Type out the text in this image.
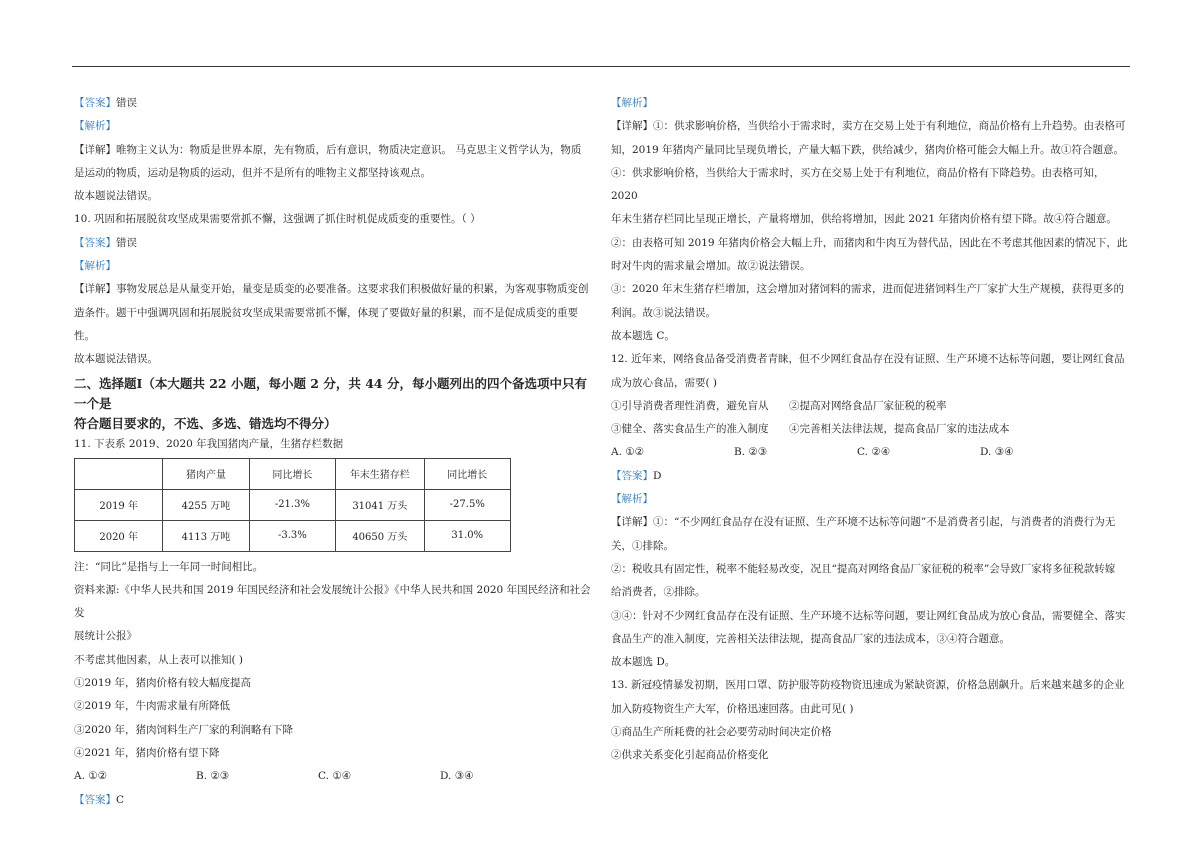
【答案】错误

【解析】

【详解】唯物主义认为：物质是世界本原，先有物质，后有意识，物质决定意识。 马克思主义哲学认为，物质

是运动的物质，运动是物质的运动，但并不是所有的唯物主义都坚持该观点。

故本题说法错误。

10. 巩固和拓展脱贫攻坚成果需要常抓不懈，这强调了抓住时机促成质变的重要性。（ ）

【答案】错误

【解析】

【详解】事物发展总是从量变开始，量变是质变的必要准备。这要求我们积极做好量的积累，为客观事物质变创

造条件。题干中强调巩固和拓展脱贫攻坚成果需要常抓不懈，体现了要做好量的积累，而不是促成质变的重要性。

故本题说法错误。

二、选择题Ⅰ（本大题共 22 小题，每小题 2 分，共 44 分，每小题列出的四个备选项中只有一个是
符合题目要求的，不选、多选、错选均不得分）

11. 下表系 2019、2020 年我国猪肉产量，生猪存栏数据

	猪肉产量	同比增长	年末生猪存栏	同比增长
2019 年	4255 万吨	-21.3%	31041 万头	-27.5%
2020 年	4113 万吨	-3.3%	40650 万头	31.0%

注：“同比”是指与上一年同一时间相比。

资料来源:《中华人民共和国 2019 年国民经济和社会发展统计公报》《中华人民共和国 2020 年国民经济和社会发

展统计公报》

不考虑其他因素，从上表可以推知( )

①2019 年，猪肉价格有较大幅度提高

②2019 年，牛肉需求量有所降低

③2020 年，猪肉饲料生产厂家的利润略有下降

④2021 年，猪肉价格有望下降

A. ①②	B. ②③	C. ①④	D. ③④

【答案】C

【解析】

【详解】①：供求影响价格，当供给小于需求时，卖方在交易上处于有利地位，商品价格有上升趋势。由表格可

知，2019 年猪肉产量同比呈现负增长，产量大幅下跌，供给减少，猪肉价格可能会大幅上升。故①符合题意。

④：供求影响价格，当供给大于需求时，买方在交易上处于有利地位，商品价格有下降趋势。由表格可知，2020

年末生猪存栏同比呈现正增长，产量将增加，供给将增加，因此 2021 年猪肉价格有望下降。故④符合题意。

②：由表格可知 2019 年猪肉价格会大幅上升，而猪肉和牛肉互为替代品，因此在不考虑其他因素的情况下，此

时对牛肉的需求量会增加。故②说法错误。

③：2020 年末生猪存栏增加，这会增加对猪饲料的需求，进而促进猪饲料生产厂家扩大生产规模，获得更多的

利润。故③说法错误。

故本题选 C。

12. 近年来，网络食品备受消费者青睐，但不少网红食品存在没有证照、生产环境不达标等问题，要让网红食品

成为放心食品，需要( )

①引导消费者理性消费，避免盲从	②提高对网络食品厂家征税的税率

③健全、落实食品生产的准入制度	④完善相关法律法规，提高食品厂家的违法成本

A. ①②	B. ②③	C. ②④	D. ③④

【答案】D

【解析】

【详解】①：“不少网红食品存在没有证照、生产环境不达标等问题”不是消费者引起，与消费者的消费行为无

关，①排除。

②：税收具有固定性，税率不能轻易改变，况且“提高对网络食品厂家征税的税率”会导致厂家将多征税款转嫁

给消费者，②排除。

③④：针对不少网红食品存在没有证照、生产环境不达标等问题，要让网红食品成为放心食品，需要健全、落实

食品生产的准入制度，完善相关法律法规，提高食品厂家的违法成本，③④符合题意。

故本题选 D。

13. 新冠疫情暴发初期，医用口罩、防护服等防疫物资迅速成为紧缺资源，价格急剧飙升。后来越来越多的企业

加入防疫物资生产大军，价格迅速回落。由此可见( )

①商品生产所耗费的社会必要劳动时间决定价格

②供求关系变化引起商品价格变化
